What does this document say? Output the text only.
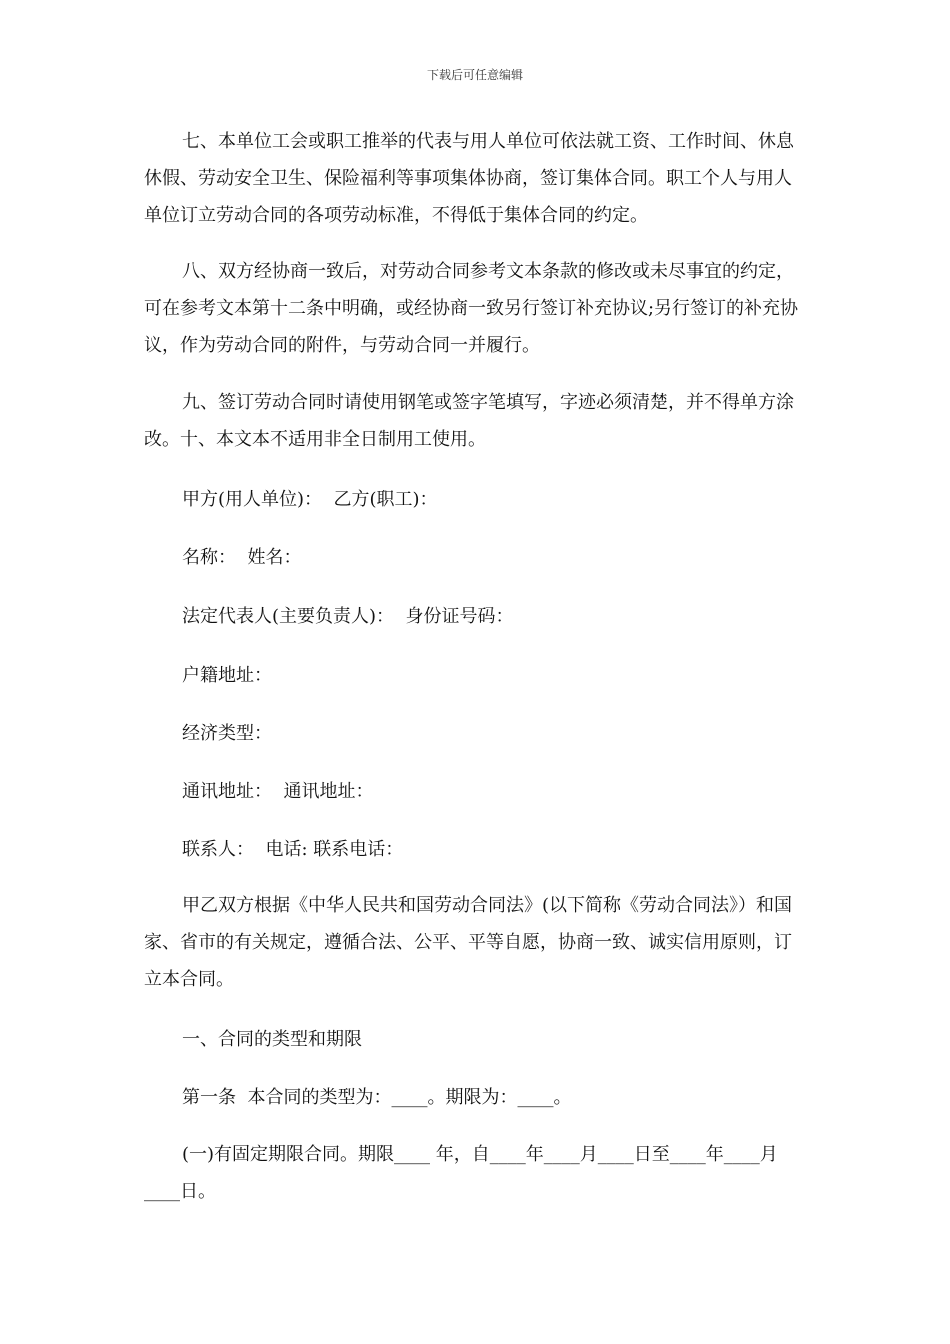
下载后可任意编辑

七、本单位工会或职工推举的代表与用人单位可依法就工资、工作时间、休息休假、劳动安全卫生、保险福利等事项集体协商，签订集体合同。职工个人与用人单位订立劳动合同的各项劳动标准，不得低于集体合同的约定。

八、双方经协商一致后，对劳动合同参考文本条款的修改或未尽事宜的约定，可在参考文本第十二条中明确，或经协商一致另行签订补充协议;另行签订的补充协议，作为劳动合同的附件，与劳动合同一并履行。

九、签订劳动合同时请使用钢笔或签字笔填写，字迹必须清楚，并不得单方涂改。十、本文本不适用非全日制用工使用。

甲方(用人单位)：  乙方(职工)：

名称：  姓名：

法定代表人(主要负责人)：  身份证号码：

户籍地址：

经济类型：

通讯地址：  通讯地址：

联系人：  电话: 联系电话：

甲乙双方根据《中华人民共和国劳动合同法》(以下简称《劳动合同法》）和国家、省市的有关规定，遵循合法、公平、平等自愿，协商一致、诚实信用原则，订立本合同。

一、合同的类型和期限

第一条  本合同的类型为：____。期限为：____。

(一)有固定期限合同。期限____ 年，自____年____月____日至____年____月____日。
